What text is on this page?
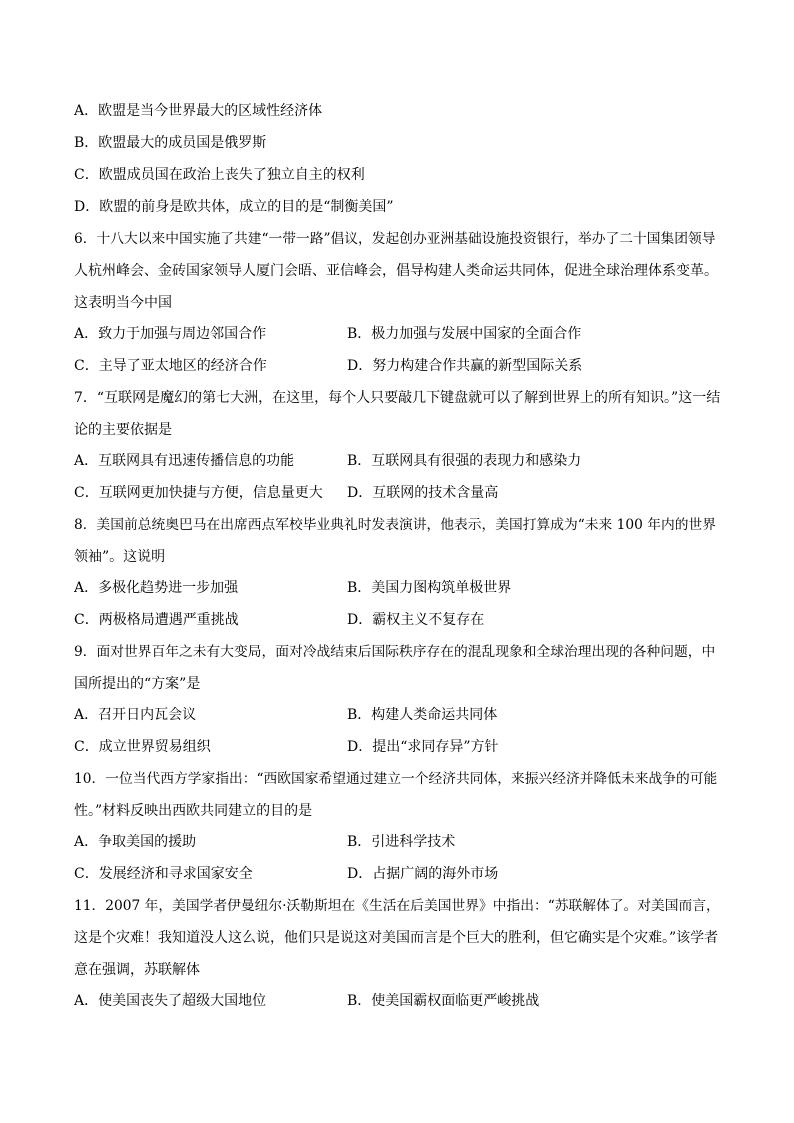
A．欧盟是当今世界最大的区域性经济体
B．欧盟最大的成员国是俄罗斯
C．欧盟成员国在政治上丧失了独立自主的权利
D．欧盟的前身是欧共体，成立的目的是“制衡美国”
6．十八大以来中国实施了共建“一带一路”倡议，发起创办亚洲基础设施投资银行，举办了二十国集团领导
人杭州峰会、金砖国家领导人厦门会晤、亚信峰会，倡导构建人类命运共同体，促进全球治理体系变革。
这表明当今中国
A．致力于加强与周边邻国合作	B．极力加强与发展中国家的全面合作
C．主导了亚太地区的经济合作	D．努力构建合作共赢的新型国际关系
7．“互联网是魔幻的第七大洲，在这里，每个人只要敲几下键盘就可以了解到世界上的所有知识。”这一结
论的主要依据是
A．互联网具有迅速传播信息的功能	B．互联网具有很强的表现力和感染力
C．互联网更加快捷与方便，信息量更大 D．互联网的技术含量高
8．美国前总统奥巴马在出席西点军校毕业典礼时发表演讲，他表示，美国打算成为“未来 100 年内的世界
领袖”。这说明
A．多极化趋势进一步加强	B．美国力图构筑单极世界
C．两极格局遭遇严重挑战	D．霸权主义不复存在
9．面对世界百年之未有大变局，面对冷战结束后国际秩序存在的混乱现象和全球治理出现的各种问题，中
国所提出的“方案”是
A．召开日内瓦会议	B．构建人类命运共同体
C．成立世界贸易组织	D．提出“求同存异”方针
10．一位当代西方学家指出：“西欧国家希望通过建立一个经济共同体，来振兴经济并降低未来战争的可能
性。”材料反映出西欧共同建立的目的是
A．争取美国的援助	B．引进科学技术
C．发展经济和寻求国家安全	D．占据广阔的海外市场
11．2007 年，美国学者伊曼纽尔·沃勒斯坦在《生活在后美国世界》中指出：“苏联解体了。对美国而言，
这是个灾难！我知道没人这么说，他们只是说这对美国而言是个巨大的胜利，但它确实是个灾难。”该学者
意在强调，苏联解体
A．使美国丧失了超级大国地位	B．使美国霸权面临更严峻挑战
